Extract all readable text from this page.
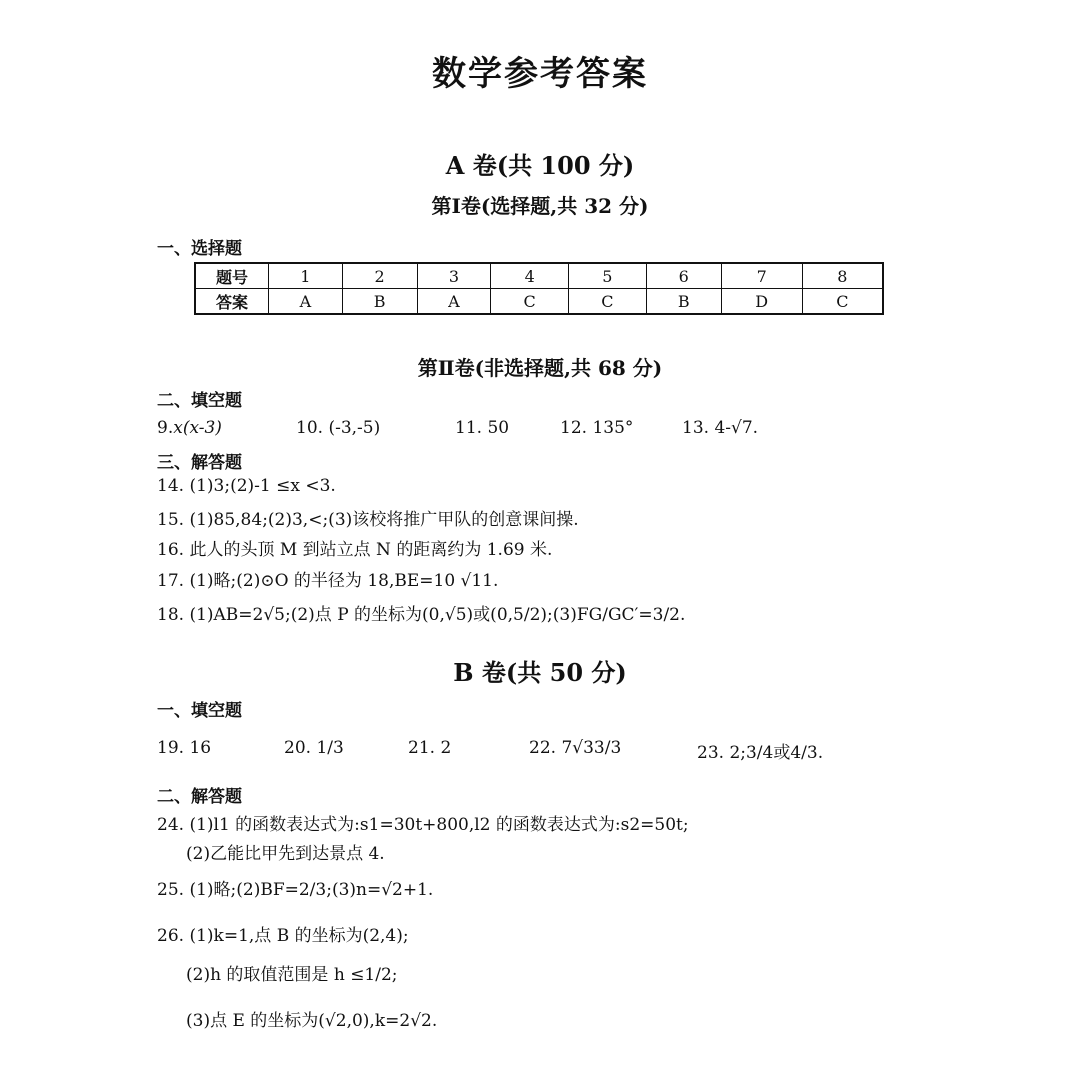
数学参考答案
A 卷(共 100 分)
第Ⅰ卷(选择题,共 32 分)
一、选择题
题号	1	2	3	4	5	6	7	8
答案	A	B	A	C	C	B	D	C
第Ⅱ卷(非选择题,共 68 分)
二、填空题
9.x(x-3)	10. (-3,-5)	11. 50	12. 135°	13. 4-√7.
三、解答题
14. (1)3;(2)-1 ≤x <3.
15. (1)85,84;(2)3,<;(3)该校将推广甲队的创意课间操.
16. 此人的头顶 M 到站立点 N 的距离约为 1.69 米.
17. (1)略;(2)⊙O 的半径为 18,BE=10 √11.
18. (1)AB=2√5;(2)点 P 的坐标为(0,√5)或(0,5/2);(3)FG/GC′=3/2.
B 卷(共 50 分)
一、填空题
19. 16	20. 1/3	21. 2	22. 7√33/3	23. 2;3/4或4/3.
二、解答题
24. (1)l1 的函数表达式为:s1=30t+800,l2 的函数表达式为:s2=50t;
(2)乙能比甲先到达景点 4.
25. (1)略;(2)BF=2/3;(3)n=√2+1.
26. (1)k=1,点 B 的坐标为(2,4);
(2)h 的取值范围是 h ≤1/2;
(3)点 E 的坐标为(√2,0),k=2√2.
